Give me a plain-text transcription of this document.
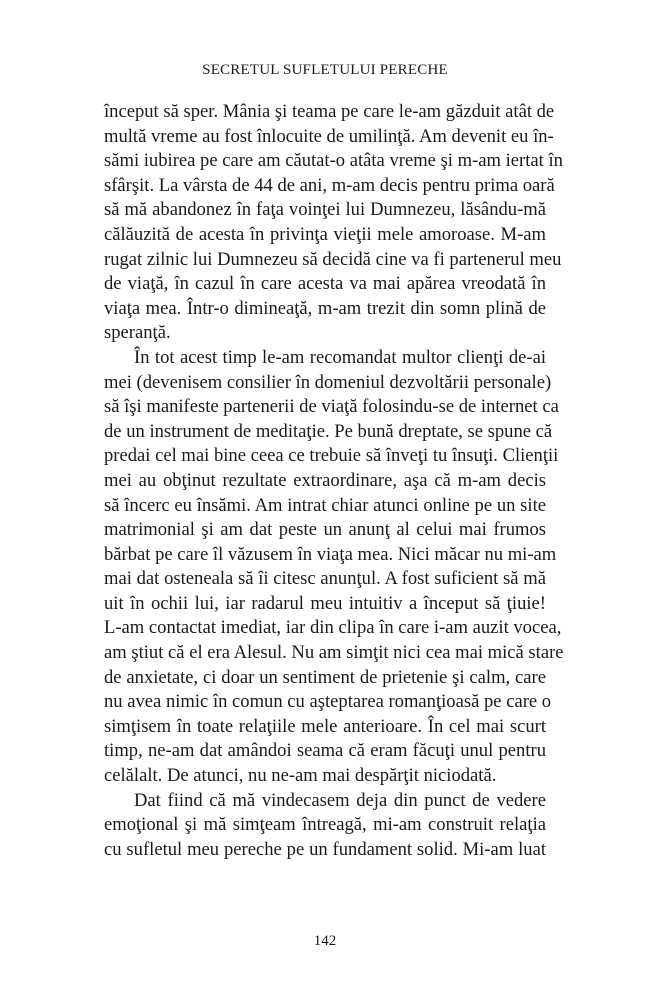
SECRETUL SUFLETULUI PERECHE

început să sper. Mânia şi teama pe care le-am găzduit atât de
multă vreme au fost înlocuite de umilinţă. Am devenit eu în-
sămi iubirea pe care am căutat-o atâta vreme şi m-am iertat în
sfârşit. La vârsta de 44 de ani, m-am decis pentru prima oară
să mă abandonez în faţa voinţei lui Dumnezeu, lăsându-mă
călăuzită de acesta în privinţa vieţii mele amoroase. M-am
rugat zilnic lui Dumnezeu să decidă cine va fi partenerul meu
de viaţă, în cazul în care acesta va mai apărea vreodată în
viaţa mea. Într-o dimineaţă, m-am trezit din somn plină de
speranţă.

În tot acest timp le-am recomandat multor clienţi de-ai
mei (devenisem consilier în domeniul dezvoltării personale)
să îşi manifeste partenerii de viaţă folosindu-se de internet ca
de un instrument de meditaţie. Pe bună dreptate, se spune că
predai cel mai bine ceea ce trebuie să înveţi tu însuţi. Clienţii
mei au obţinut rezultate extraordinare, aşa că m-am decis
să încerc eu însămi. Am intrat chiar atunci online pe un site
matrimonial şi am dat peste un anunţ al celui mai frumos
bărbat pe care îl văzusem în viaţa mea. Nici măcar nu mi-am
mai dat osteneala să îi citesc anunţul. A fost suficient să mă
uit în ochii lui, iar radarul meu intuitiv a început să ţiuie!
L-am contactat imediat, iar din clipa în care i-am auzit vocea,
am ştiut că el era Alesul. Nu am simţit nici cea mai mică stare
de anxietate, ci doar un sentiment de prietenie şi calm, care
nu avea nimic în comun cu aşteptarea romanţioasă pe care o
simţisem în toate relaţiile mele anterioare. În cel mai scurt
timp, ne-am dat amândoi seama că eram făcuţi unul pentru
celălalt. De atunci, nu ne-am mai despărţit niciodată.

Dat fiind că mă vindecasem deja din punct de vedere
emoţional şi mă simţeam întreagă, mi-am construit relaţia
cu sufletul meu pereche pe un fundament solid. Mi-am luat

142
